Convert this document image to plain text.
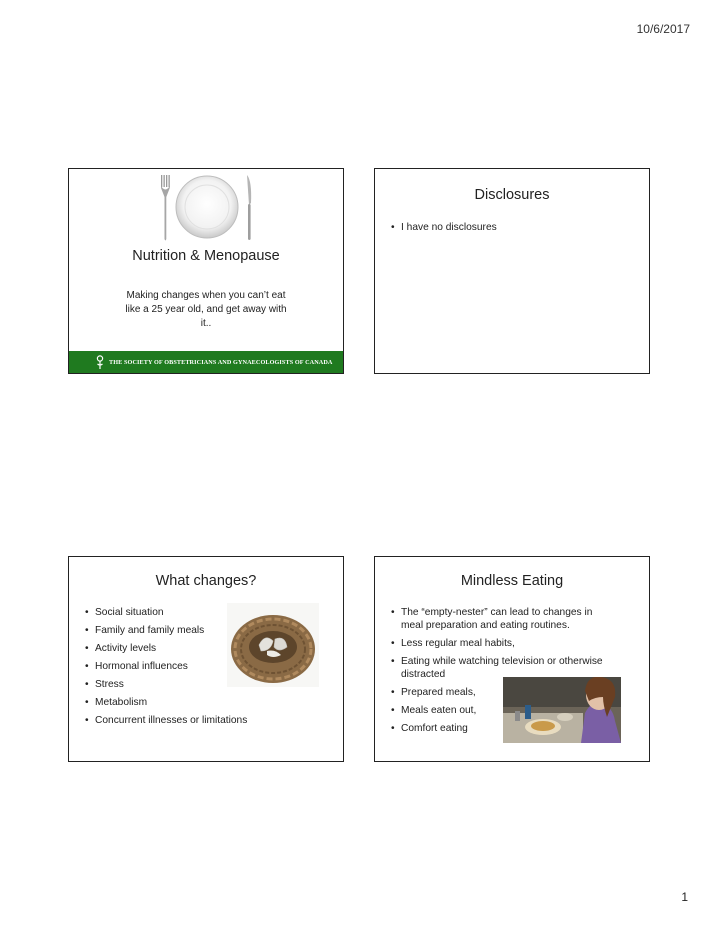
10/6/2017
Nutrition & Menopause
Making changes when you can’t eat
like a 25 year old, and get away with
it..
THE SOCIETY OF OBSTETRICIANS AND GYNAECOLOGISTS OF CANADA
Disclosures
• I have no disclosures
What changes?
• Social situation
• Family and family meals
• Activity levels
• Hormonal influences
• Stress
• Metabolism
• Concurrent illnesses or limitations
Mindless Eating
• The “empty-nester” can lead to changes in
meal preparation and eating routines.
• Less regular meal habits,
• Eating while watching television or otherwise
distracted
• Prepared meals,
• Meals eaten out,
• Comfort eating
1
